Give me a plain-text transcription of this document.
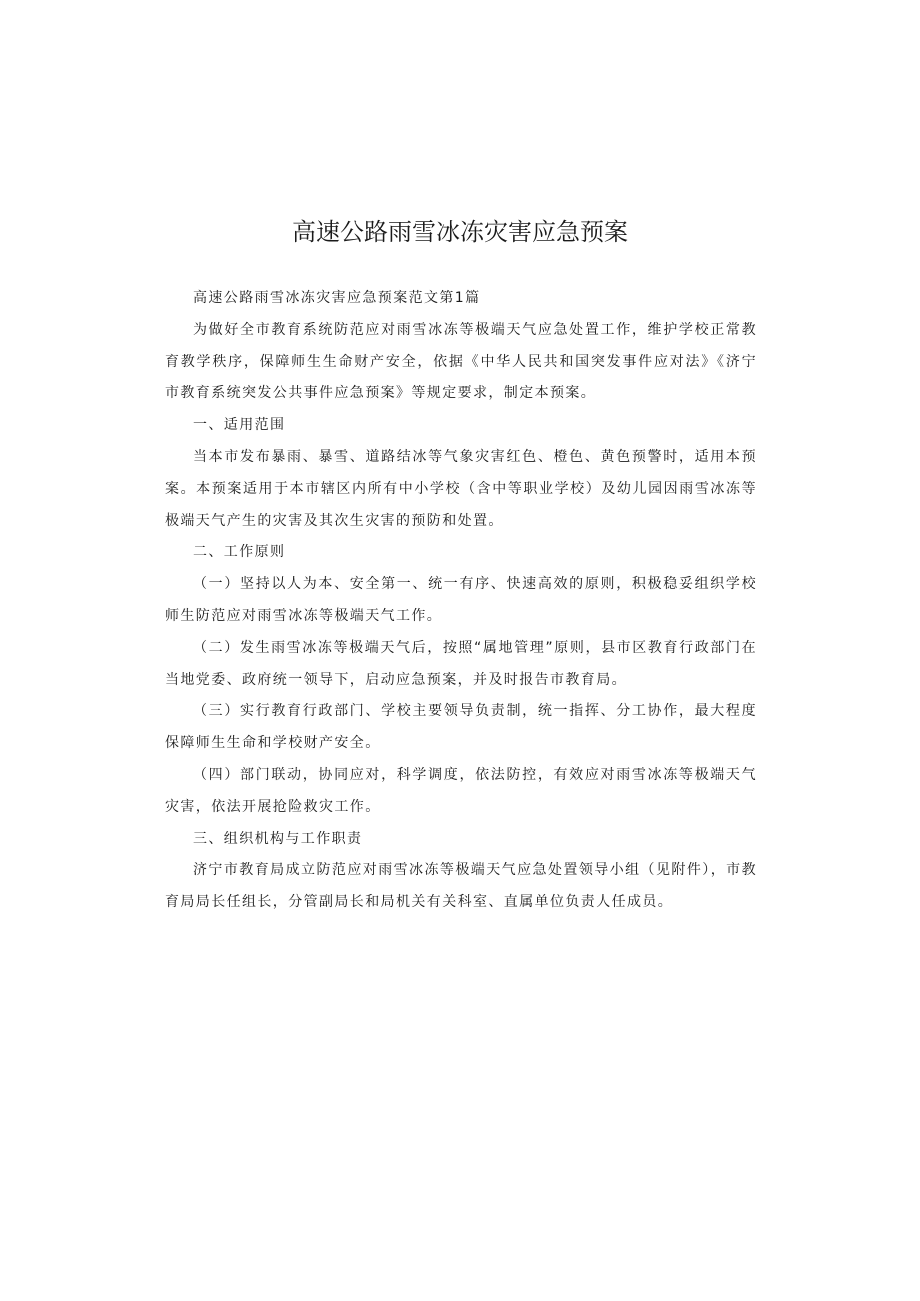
高速公路雨雪冰冻灾害应急预案

高速公路雨雪冰冻灾害应急预案范文第1篇

为做好全市教育系统防范应对雨雪冰冻等极端天气应急处置工作，维护学校正常教育教学秩序，保障师生生命财产安全，依据《中华人民共和国突发事件应对法》《济宁市教育系统突发公共事件应急预案》等规定要求，制定本预案。

一、适用范围

当本市发布暴雨、暴雪、道路结冰等气象灾害红色、橙色、黄色预警时，适用本预案。本预案适用于本市辖区内所有中小学校（含中等职业学校）及幼儿园因雨雪冰冻等极端天气产生的灾害及其次生灾害的预防和处置。

二、工作原则

（一）坚持以人为本、安全第一、统一有序、快速高效的原则，积极稳妥组织学校师生防范应对雨雪冰冻等极端天气工作。

（二）发生雨雪冰冻等极端天气后，按照“属地管理”原则，县市区教育行政部门在当地党委、政府统一领导下，启动应急预案，并及时报告市教育局。

（三）实行教育行政部门、学校主要领导负责制，统一指挥、分工协作，最大程度保障师生生命和学校财产安全。

（四）部门联动，协同应对，科学调度，依法防控，有效应对雨雪冰冻等极端天气灾害，依法开展抢险救灾工作。

三、组织机构与工作职责

济宁市教育局成立防范应对雨雪冰冻等极端天气应急处置领导小组（见附件），市教育局局长任组长，分管副局长和局机关有关科室、直属单位负责人任成员。
